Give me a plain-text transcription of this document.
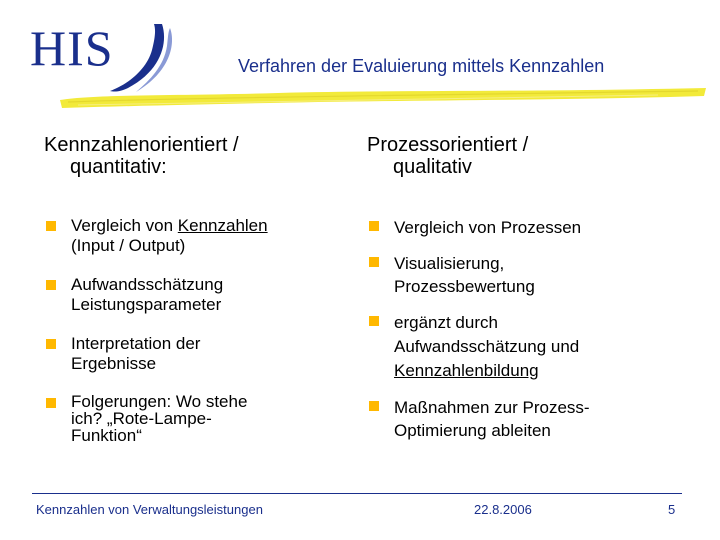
HIS	Verfahren der Evaluierung mittels Kennzahlen
Kennzahlenorientiert /
quantitativ:
Vergleich von Kennzahlen
(Input / Output)
Aufwandsschätzung
Leistungsparameter
Interpretation der
Ergebnisse
Folgerungen: Wo stehe
ich? „Rote-Lampe-
Funktion“
Prozessorientiert /
qualitativ
Vergleich von Prozessen
Visualisierung,
Prozessbewertung
ergänzt durch
Aufwandsschätzung und
Kennzahlenbildung
Maßnahmen zur Prozess-
Optimierung ableiten
Kennzahlen von Verwaltungsleistungen	22.8.2006	5
